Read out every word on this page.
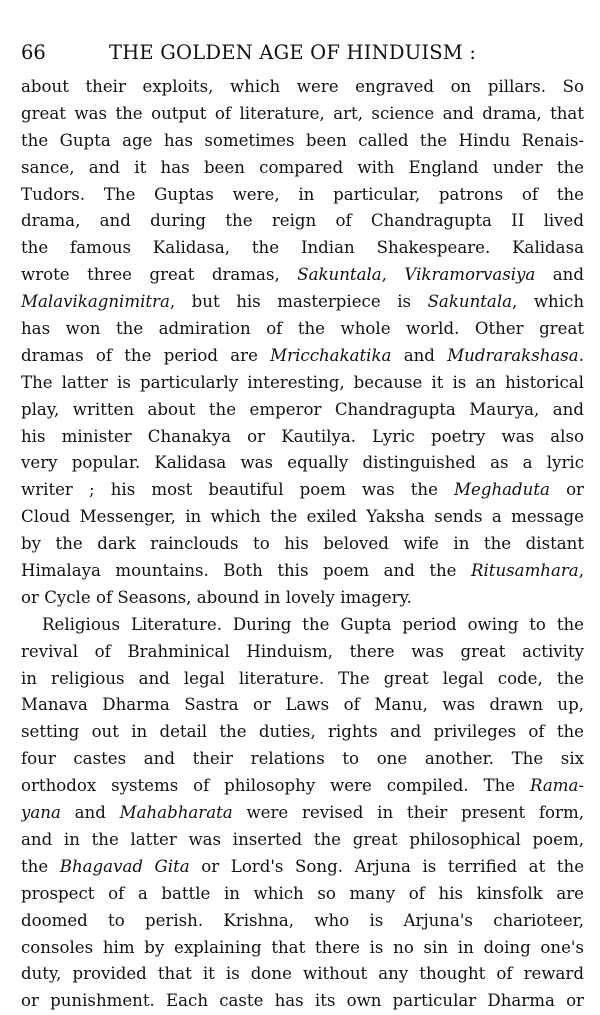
66	THE GOLDEN AGE OF HINDUISM :
about their exploits, which were engraved on pillars. So
great was the output of literature, art, science and drama, that
the Gupta age has sometimes been called the Hindu Renais-
sance, and it has been compared with England under the
Tudors. The Guptas were, in particular, patrons of the
drama, and during the reign of Chandragupta II lived
the famous Kalidasa, the Indian Shakespeare. Kalidasa
wrote three great dramas, Sakuntala, Vikramorvasiya and
Malavikagnimitra, but his masterpiece is Sakuntala, which
has won the admiration of the whole world. Other great
dramas of the period are Mricchakatika and Mudrarakshasa.
The latter is particularly interesting, because it is an historical
play, written about the emperor Chandragupta Maurya, and
his minister Chanakya or Kautilya. Lyric poetry was also
very popular. Kalidasa was equally distinguished as a lyric
writer ; his most beautiful poem was the Meghaduta or
Cloud Messenger, in which the exiled Yaksha sends a message
by the dark rainclouds to his beloved wife in the distant
Himalaya mountains. Both this poem and the Ritusamhara,
or Cycle of Seasons, abound in lovely imagery.
Religious Literature. During the Gupta period owing to the
revival of Brahminical Hinduism, there was great activity
in religious and legal literature. The great legal code, the
Manava Dharma Sastra or Laws of Manu, was drawn up,
setting out in detail the duties, rights and privileges of the
four castes and their relations to one another. The six
orthodox systems of philosophy were compiled. The Rama-
yana and Mahabharata were revised in their present form,
and in the latter was inserted the great philosophical poem,
the Bhagavad Gita or Lord's Song. Arjuna is terrified at the
prospect of a battle in which so many of his kinsfolk are
doomed to perish. Krishna, who is Arjuna's charioteer,
consoles him by explaining that there is no sin in doing one's
duty, provided that it is done without any thought of reward
or punishment. Each caste has its own particular Dharma or
